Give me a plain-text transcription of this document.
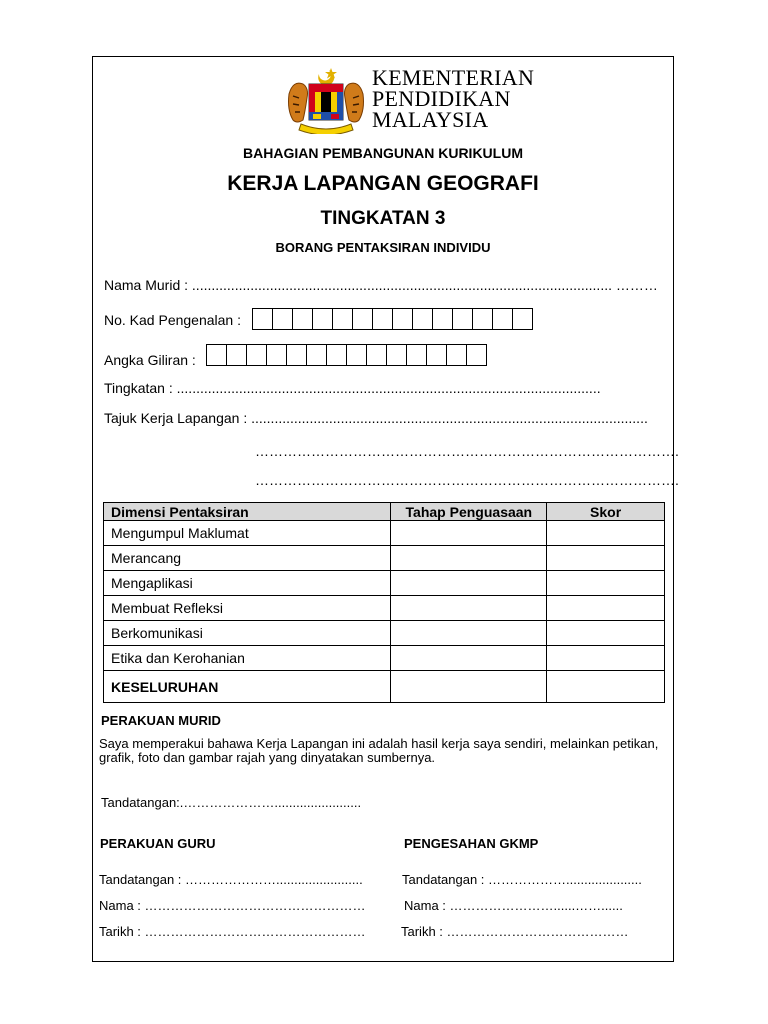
KEMENTERIAN
PENDIDIKAN
MALAYSIA
BAHAGIAN PEMBANGUNAN KURIKULUM
KERJA LAPANGAN GEOGRAFI
TINGKATAN 3
BORANG PENTAKSIRAN INDIVIDU
Nama Murid : ............................................................................................................ ………
No. Kad Pengenalan :
Angka Giliran :
Tingkatan : .............................................................................................................
Tajuk Kerja Lapangan : ......................................................................................................
……………………………………………………………………………….
……………………………………………………………………………….
Dimensi Pentaksiran	Tahap Penguasaan	Skor
Mengumpul Maklumat		
Merancang		
Mengaplikasi		
Membuat Refleksi		
Berkomunikasi		
Etika dan Kerohanian		
KESELURUHAN		
PERAKUAN MURID
Saya memperakui bahawa Kerja Lapangan ini adalah hasil kerja saya sendiri, melainkan petikan,
grafik, foto dan gambar rajah yang dinyatakan sumbernya.
Tandatangan:.…………………........................
PERAKUAN GURU
Tandatangan : …………………........................
Nama : ……………………………………………
Tarikh : ……………………………………………
PENGESAHAN GKMP
Tandatangan : ……………….....................
Nama : ……………………......……......
Tarikh : ……………………………………
